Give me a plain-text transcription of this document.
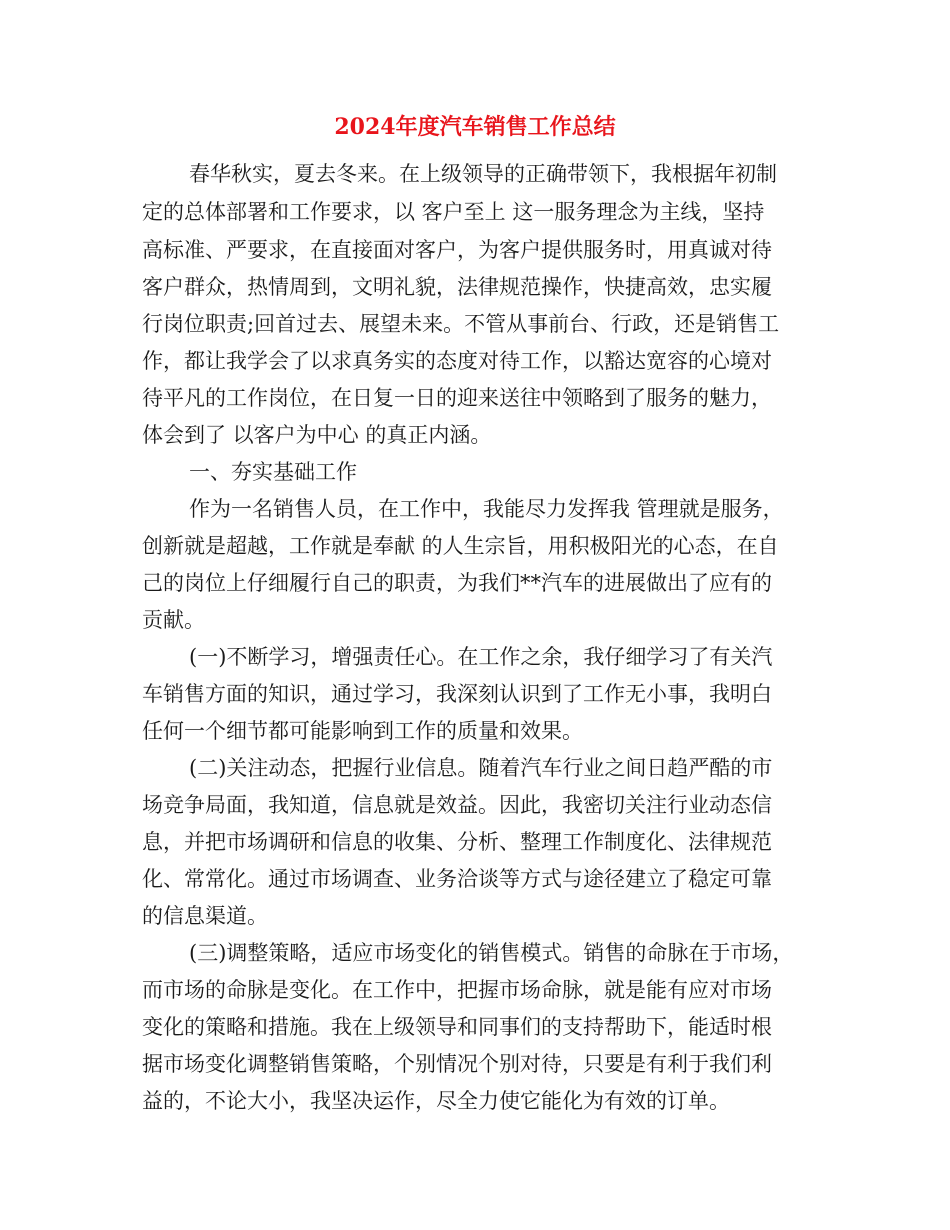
2024年度汽车销售工作总结
春华秋实，夏去冬来。在上级领导的正确带领下，我根据年初制
定的总体部署和工作要求，以 客户至上 这一服务理念为主线，坚持
高标准、严要求，在直接面对客户，为客户提供服务时，用真诚对待
客户群众，热情周到，文明礼貌，法律规范操作，快捷高效，忠实履
行岗位职责;回首过去、展望未来。不管从事前台、行政，还是销售工
作，都让我学会了以求真务实的态度对待工作，以豁达宽容的心境对
待平凡的工作岗位，在日复一日的迎来送往中领略到了服务的魅力，
体会到了 以客户为中心 的真正内涵。
一、夯实基础工作
作为一名销售人员，在工作中，我能尽力发挥我 管理就是服务，
创新就是超越，工作就是奉献 的人生宗旨，用积极阳光的心态，在自
己的岗位上仔细履行自己的职责，为我们**汽车的进展做出了应有的
贡献。
(一)不断学习，增强责任心。在工作之余，我仔细学习了有关汽
车销售方面的知识，通过学习，我深刻认识到了工作无小事，我明白
任何一个细节都可能影响到工作的质量和效果。
(二)关注动态，把握行业信息。随着汽车行业之间日趋严酷的市
场竞争局面，我知道，信息就是效益。因此，我密切关注行业动态信
息，并把市场调研和信息的收集、分析、整理工作制度化、法律规范
化、常常化。通过市场调查、业务洽谈等方式与途径建立了稳定可靠
的信息渠道。
(三)调整策略，适应市场变化的销售模式。销售的命脉在于市场，
而市场的命脉是变化。在工作中，把握市场命脉，就是能有应对市场
变化的策略和措施。我在上级领导和同事们的支持帮助下，能适时根
据市场变化调整销售策略，个别情况个别对待，只要是有利于我们利
益的，不论大小，我坚决运作，尽全力使它能化为有效的订单。
